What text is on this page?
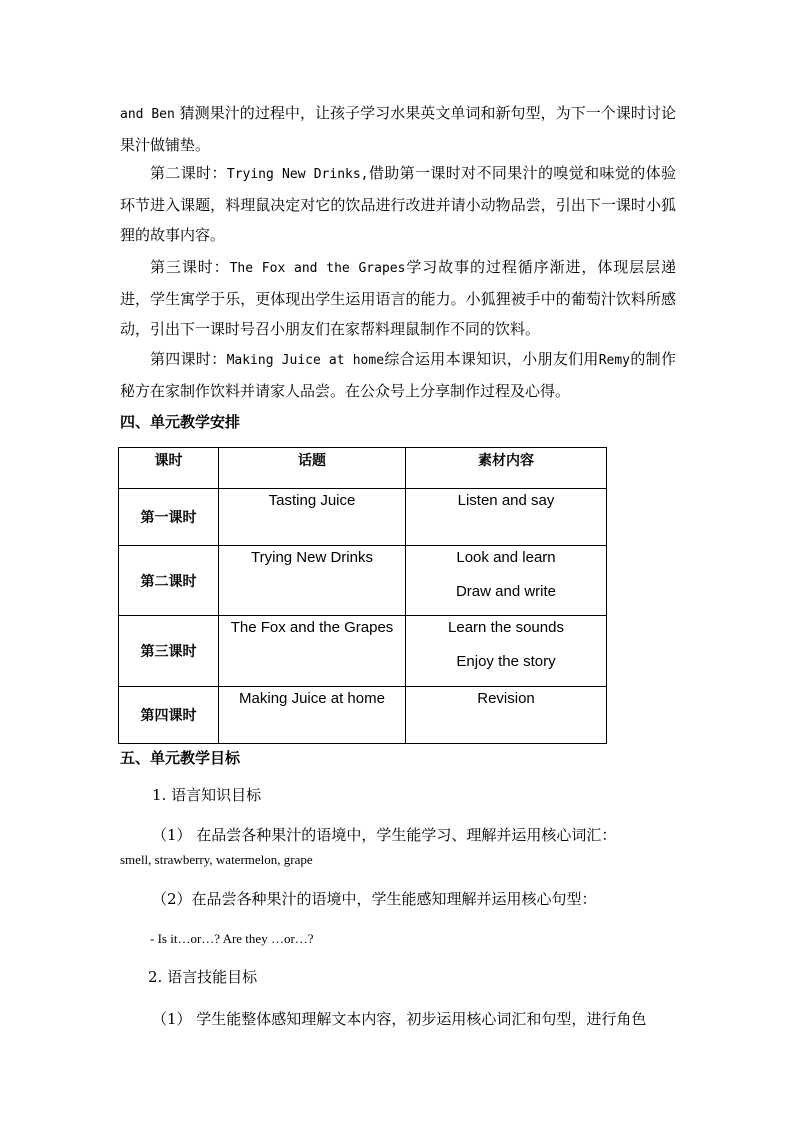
and Ben 猜测果汁的过程中，让孩子学习水果英文单词和新句型，为下一个课时讨论果汁做铺垫。

第二课时：Trying New Drinks,借助第一课时对不同果汁的嗅觉和味觉的体验环节进入课题，料理鼠决定对它的饮品进行改进并请小动物品尝，引出下一课时小狐狸的故事内容。

第三课时：The Fox and the Grapes学习故事的过程循序渐进，体现层层递进，学生寓学于乐，更体现出学生运用语言的能力。小狐狸被手中的葡萄汁饮料所感动，引出下一课时号召小朋友们在家帮料理鼠制作不同的饮料。

第四课时：Making Juice at home综合运用本课知识，小朋友们用Remy的制作秘方在家制作饮料并请家人品尝。在公众号上分享制作过程及心得。

四、单元教学安排

课时	话题	素材内容
第一课时	Tasting Juice	Listen and say

第二课时	Trying New Drinks	Look and learn
Draw and write

第三课时	The Fox and the Grapes	Learn the sounds
Enjoy the story

第四课时	Making Juice at home	Revision

五、单元教学目标

1. 语言知识目标

（1） 在品尝各种果汁的语境中，学生能学习、理解并运用核心词汇：

smell, strawberry, watermelon, grape

（2）在品尝各种果汁的语境中，学生能感知理解并运用核心句型：

- Is it…or…? Are they …or…?

2. 语言技能目标

（1） 学生能整体感知理解文本内容，初步运用核心词汇和句型，进行角色
